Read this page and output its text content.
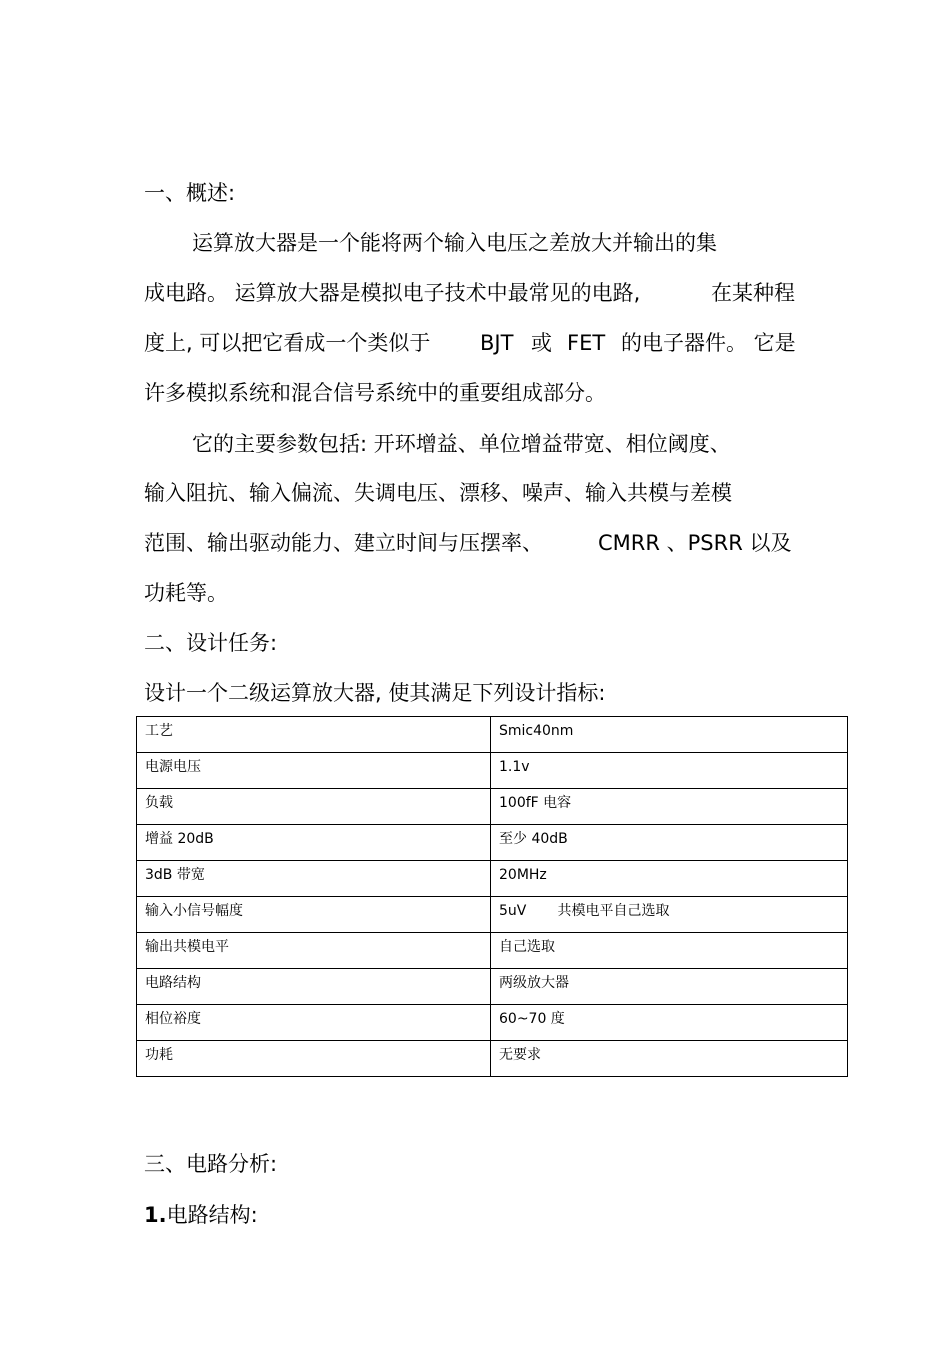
一、概述:
运算放大器是一个能将两个输入电压之差放大并输出的集
成电路。 运算放大器是模拟电子技术中最常见的电路,	在某种程
度上, 可以把它看成一个类似于 BJT 或 FET 的电子器件。 它是
许多模拟系统和混合信号系统中的重要组成部分。
它的主要参数包括: 开环增益、单位增益带宽、相位阈度、
输入阻抗、输入偏流、失调电压、漂移、噪声、输入共模与差模
范围、输出驱动能力、建立时间与压摆率、	CMRR 、PSRR 以及
功耗等。
二、设计任务:
设计一个二级运算放大器, 使其满足下列设计指标:
工艺	Smic40nm

电源电压	1.1v

负载	100fF 电容

增益 20dB	至少 40dB

3dB 带宽	20MHz

输入小信号幅度	5uV       共模电平自己选取

输出共模电平	自己选取

电路结构	两级放大器

相位裕度	60~70 度

功耗	无要求
三、电路分析:
1.电路结构:
